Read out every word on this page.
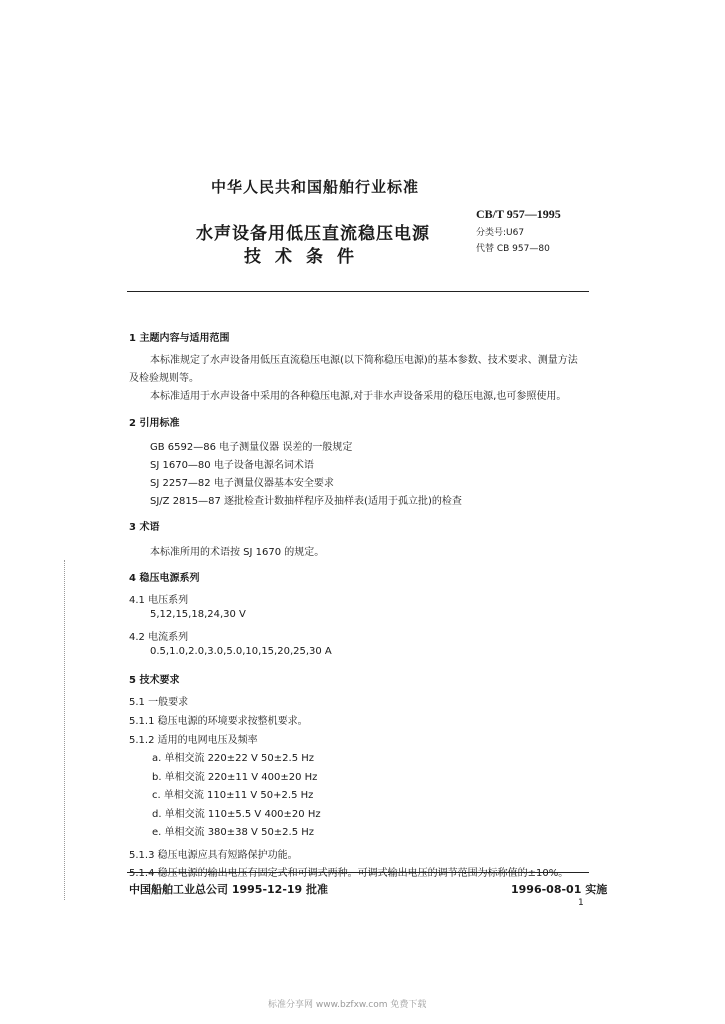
中华人民共和国船舶行业标准
水声设备用低压直流稳压电源
技术条件
CB/T 957—1995
分类号:U67
代替 CB 957—80
1 主题内容与适用范围
本标准规定了水声设备用低压直流稳压电源(以下简称稳压电源)的基本参数、技术要求、测量方法
及检验规则等。
本标准适用于水声设备中采用的各种稳压电源,对于非水声设备采用的稳压电源,也可参照使用。
2 引用标准
GB 6592—86 电子测量仪器 误差的一般规定
SJ 1670—80 电子设备电源名词术语
SJ 2257—82 电子测量仪器基本安全要求
SJ/Z 2815—87 逐批检查计数抽样程序及抽样表(适用于孤立批)的检查
3 术语
本标准所用的术语按 SJ 1670 的规定。
4 稳压电源系列
4.1 电压系列
5,12,15,18,24,30 V
4.2 电流系列
0.5,1.0,2.0,3.0,5.0,10,15,20,25,30 A
5 技术要求
5.1 一般要求
5.1.1 稳压电源的环境要求按整机要求。
5.1.2 适用的电网电压及频率
a. 单相交流 220±22 V 50±2.5 Hz
b. 单相交流 220±11 V 400±20 Hz
c. 单相交流 110±11 V 50+2.5 Hz
d. 单相交流 110±5.5 V 400±20 Hz
e. 单相交流 380±38 V 50±2.5 Hz
5.1.3 稳压电源应具有短路保护功能。
5.1.4 稳压电源的输出电压有固定式和可调式两种。可调式输出电压的调节范围为标称值的±10%。
中国船舶工业总公司 1995-12-19 批准	1996-08-01 实施
1
标准分享网 www.bzfxw.com 免费下载
